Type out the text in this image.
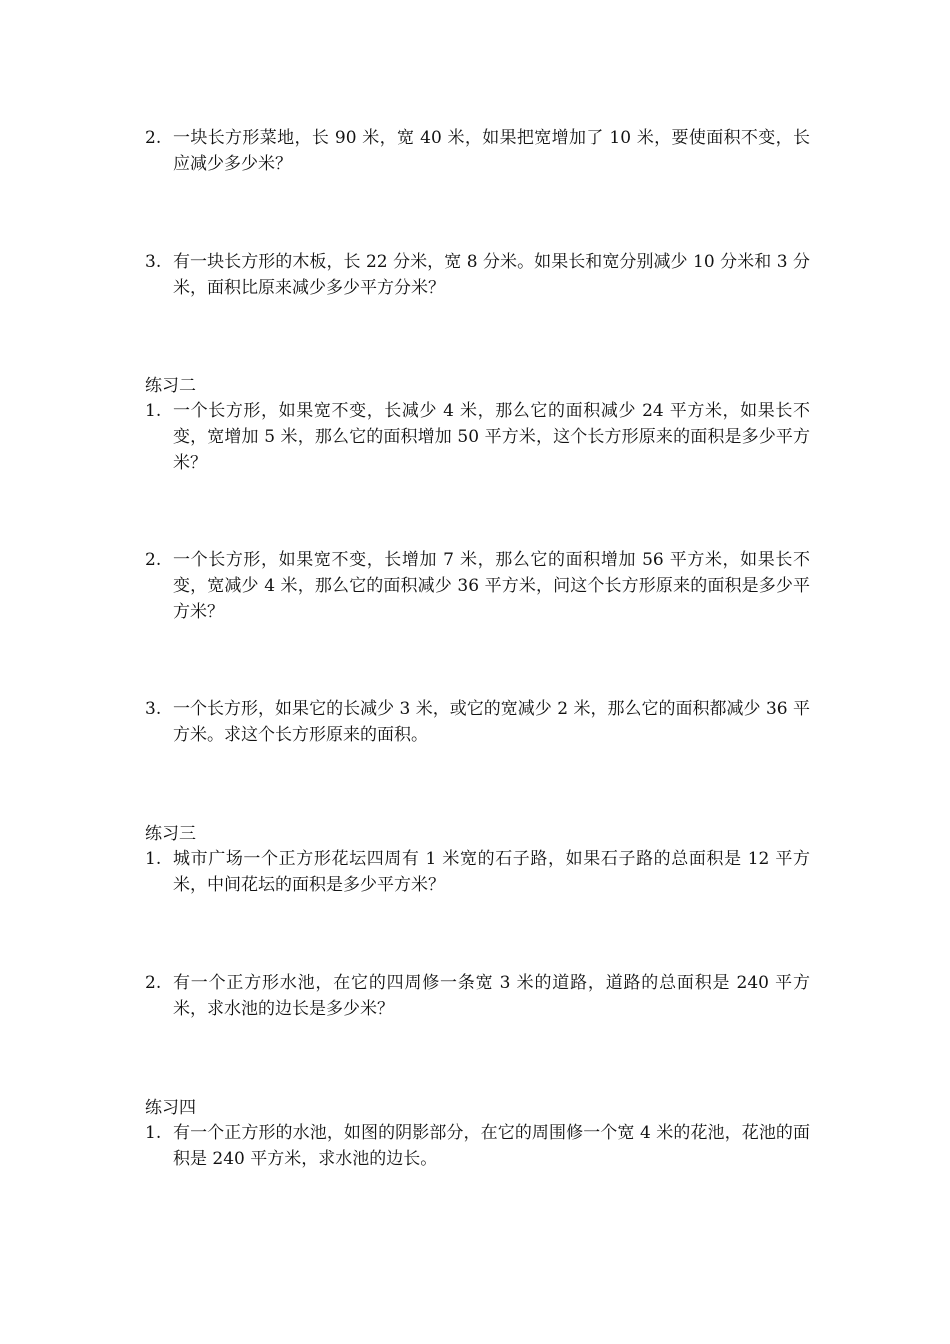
2. 一块长方形菜地，长 90 米，宽 40 米，如果把宽增加了 10 米，要使面积不变，长应减少多少米？
3. 有一块长方形的木板，长 22 分米，宽 8 分米。如果长和宽分别减少 10 分米和 3 分米，面积比原来减少多少平方分米？
练习二
1. 一个长方形，如果宽不变，长减少 4 米，那么它的面积减少 24 平方米，如果长不变，宽增加 5 米，那么它的面积增加 50 平方米，这个长方形原来的面积是多少平方米？
2. 一个长方形，如果宽不变，长增加 7 米，那么它的面积增加 56 平方米，如果长不变，宽减少 4 米，那么它的面积减少 36 平方米，问这个长方形原来的面积是多少平方米？
3. 一个长方形，如果它的长减少 3 米，或它的宽减少 2 米，那么它的面积都减少 36 平方米。求这个长方形原来的面积。
练习三
1. 城市广场一个正方形花坛四周有 1 米宽的石子路，如果石子路的总面积是 12 平方米，中间花坛的面积是多少平方米？
2. 有一个正方形水池，在它的四周修一条宽 3 米的道路，道路的总面积是 240 平方米，求水池的边长是多少米？
练习四
1. 有一个正方形的水池，如图的阴影部分，在它的周围修一个宽 4 米的花池，花池的面积是 240 平方米，求水池的边长。
